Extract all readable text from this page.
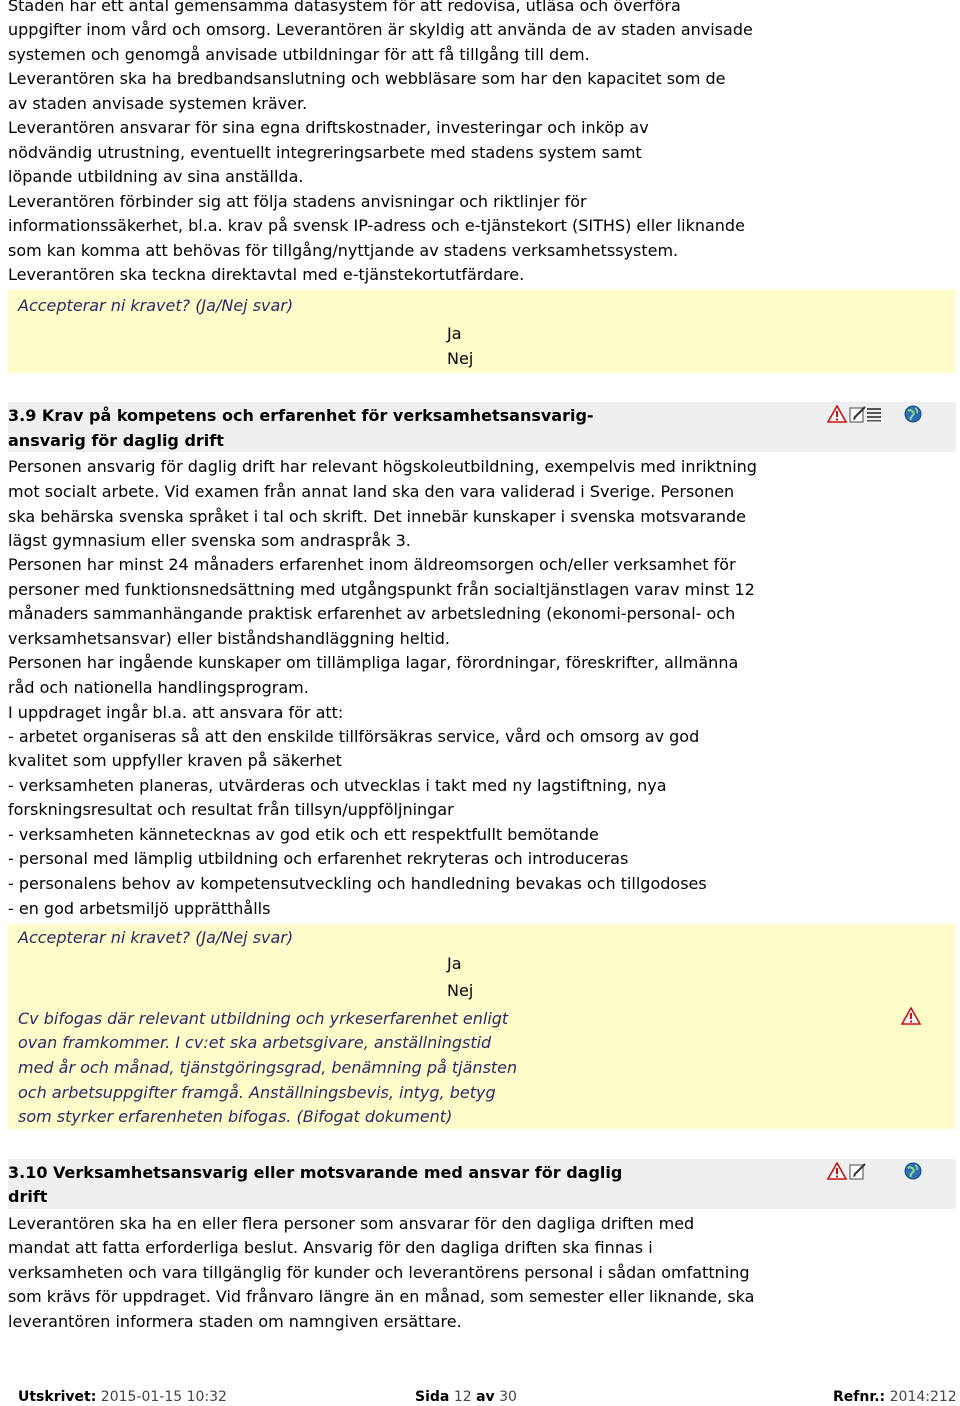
Staden har ett antal gemensamma datasystem för att redovisa, utläsa och överföra
uppgifter inom vård och omsorg. Leverantören är skyldig att använda de av staden anvisade
systemen och genomgå anvisade utbildningar för att få tillgång till dem.
Leverantören ska ha bredbandsanslutning och webbläsare som har den kapacitet som de
av staden anvisade systemen kräver.
Leverantören ansvarar för sina egna driftskostnader, investeringar och inköp av
nödvändig utrustning, eventuellt integreringsarbete med stadens system samt
löpande utbildning av sina anställda.
Leverantören förbinder sig att följa stadens anvisningar och riktlinjer för
informationssäkerhet, bl.a. krav på svensk IP-adress och e-tjänstekort (SITHS) eller liknande
som kan komma att behövas för tillgång/nyttjande av stadens verksamhetssystem.
Leverantören ska teckna direktavtal med e-tjänstekortutfärdare.
Accepterar ni kravet? (Ja/Nej svar)
Ja
Nej
3.9 Krav på kompetens och erfarenhet för verksamhetsansvarig-
ansvarig för daglig drift
Personen ansvarig för daglig drift har relevant högskoleutbildning, exempelvis med inriktning
mot socialt arbete. Vid examen från annat land ska den vara validerad i Sverige. Personen
ska behärska svenska språket i tal och skrift. Det innebär kunskaper i svenska motsvarande
lägst gymnasium eller svenska som andraspråk 3.
Personen har minst 24 månaders erfarenhet inom äldreomsorgen och/eller verksamhet för
personer med funktionsnedsättning med utgångspunkt från socialtjänstlagen varav minst 12
månaders sammanhängande praktisk erfarenhet av arbetsledning (ekonomi-personal- och
verksamhetsansvar) eller biståndshandläggning heltid.
Personen har ingående kunskaper om tillämpliga lagar, förordningar, föreskrifter, allmänna
råd och nationella handlingsprogram.
I uppdraget ingår bl.a. att ansvara för att:
- arbetet organiseras så att den enskilde tillförsäkras service, vård och omsorg av god
kvalitet som uppfyller kraven på säkerhet
- verksamheten planeras, utvärderas och utvecklas i takt med ny lagstiftning, nya
forskningsresultat och resultat från tillsyn/uppföljningar
- verksamheten kännetecknas av god etik och ett respektfullt bemötande
- personal med lämplig utbildning och erfarenhet rekryteras och introduceras
- personalens behov av kompetensutveckling och handledning bevakas och tillgodoses
- en god arbetsmiljö upprätthålls
Accepterar ni kravet? (Ja/Nej svar)
Ja
Nej
Cv bifogas där relevant utbildning och yrkeserfarenhet enligt
ovan framkommer. I cv:et ska arbetsgivare, anställningstid
med år och månad, tjänstgöringsgrad, benämning på tjänsten
och arbetsuppgifter framgå. Anställningsbevis, intyg, betyg
som styrker erfarenheten bifogas. (Bifogat dokument)
3.10 Verksamhetsansvarig eller motsvarande med ansvar för daglig
drift
Leverantören ska ha en eller flera personer som ansvarar för den dagliga driften med
mandat att fatta erforderliga beslut. Ansvarig för den dagliga driften ska finnas i
verksamheten och vara tillgänglig för kunder och leverantörens personal i sådan omfattning
som krävs för uppdraget. Vid frånvaro längre än en månad, som semester eller liknande, ska
leverantören informera staden om namngiven ersättare.
Utskrivet: 2015-01-15 10:32	Sida 12 av 30	Refnr.: 2014:212
